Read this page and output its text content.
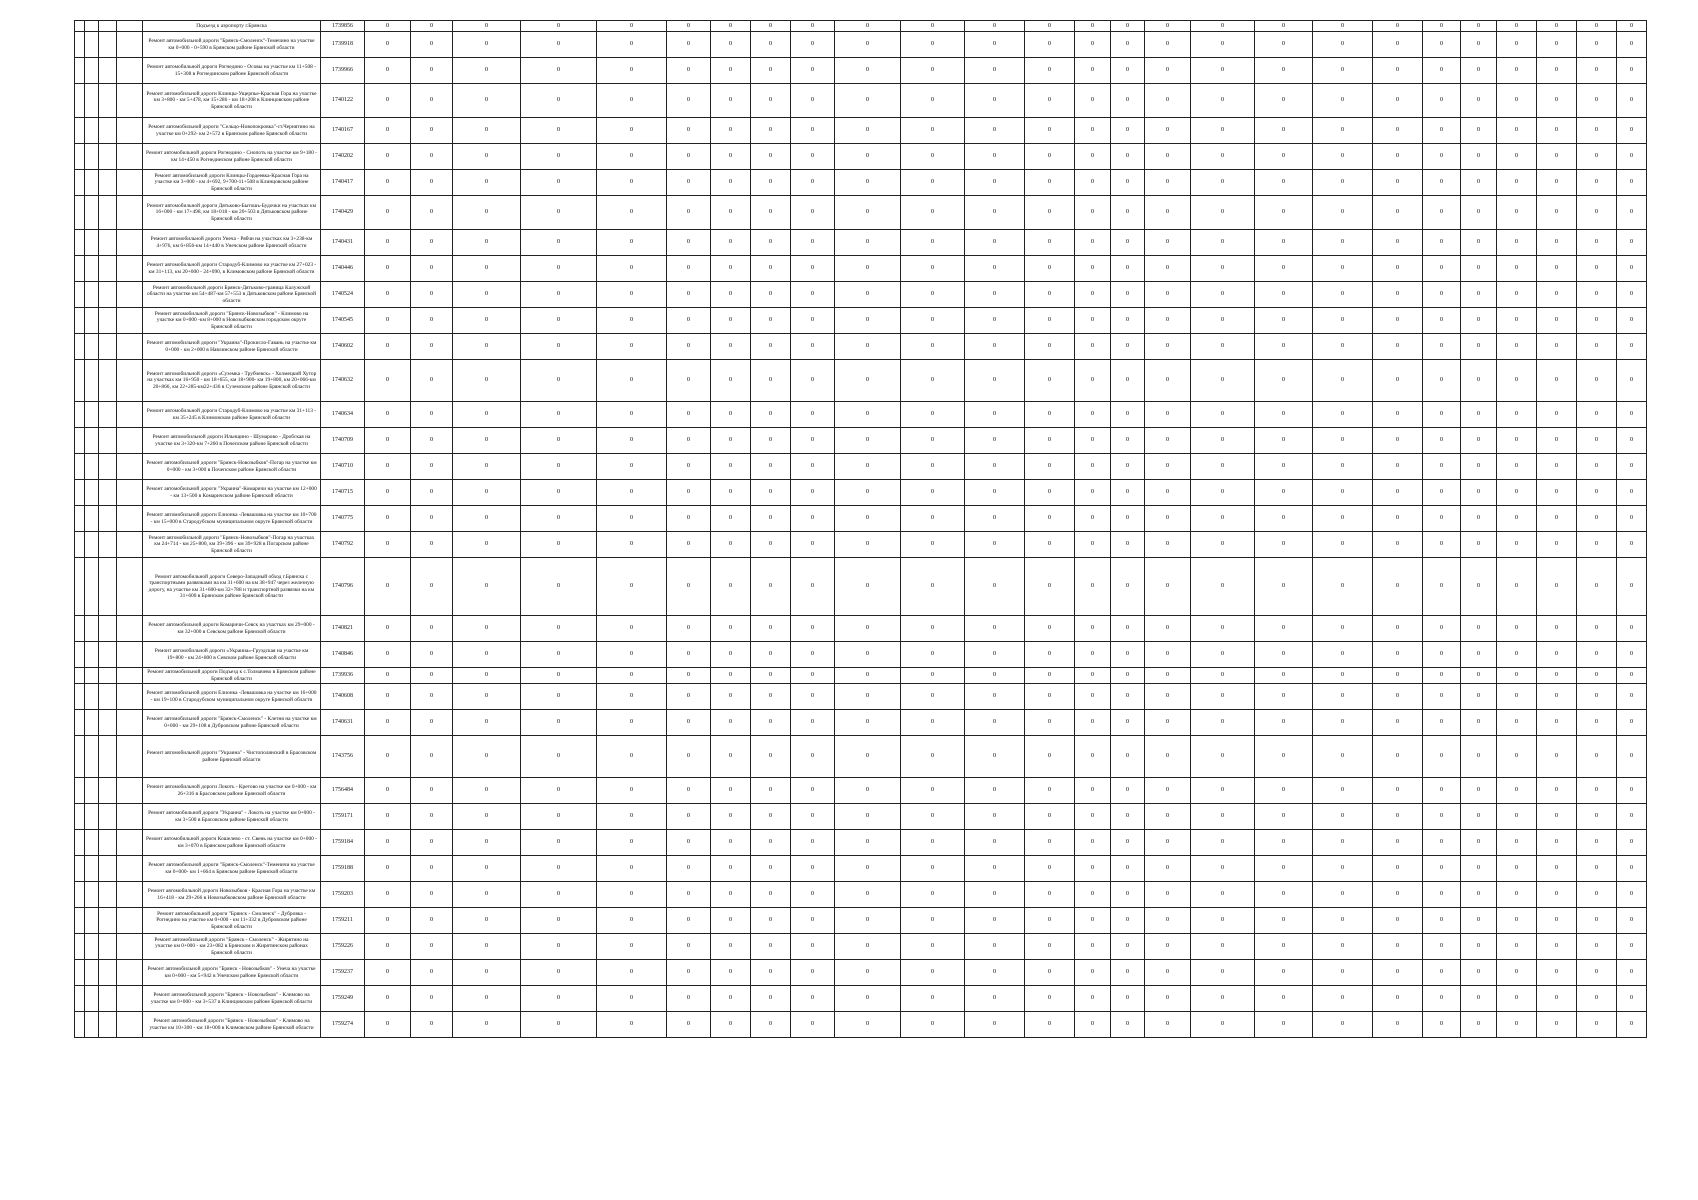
				Подъезд к аэропорту г.Брянска	1739856	0	0	0	0	0	0	0	0	0	0	0	0	0	0	0	0	0	0	0	0	0	0	0	0	0	0
				Ремонт автомобильной дороги "Брянск-Смоленск"-Темечино на участке км 0+000 - 0+590 в Брянском районе Брянской области	1739918	0	0	0	0	0	0	0	0	0	0	0	0	0	0	0	0	0	0	0	0	0	0	0	0	0	0
				Ремонт автомобильной дороги Рогнедино - Осовы на участке км 11+508 - 15+308 в Рогнединском районе Брянской области	1739966	0	0	0	0	0	0	0	0	0	0	0	0	0	0	0	0	0	0	0	0	0	0	0	0	0	0
				Ремонт автомобильной дороги Клинцы-Ущерпье-Красная Гора на участке км 3+800 - км 5+478, км 15+286 - км 18+208 в Клинцовском районе Брянской области	1740122	0	0	0	0	0	0	0	0	0	0	0	0	0	0	0	0	0	0	0	0	0	0	0	0	0	0
				Ремонт автомобильной дороги "Сельцо-Новопокровка"-ст.Чернятино на участке км 0+292- км 2+572 в Брянском районе Брянской области	1740167	0	0	0	0	0	0	0	0	0	0	0	0	0	0	0	0	0	0	0	0	0	0	0	0	0	0
				Ремонт автомобильной дороги Рогнедино - Снопоть на участке км 9+180 - км 14+450 в Рогнединском районе Брянской области	1740202	0	0	0	0	0	0	0	0	0	0	0	0	0	0	0	0	0	0	0	0	0	0	0	0	0	0
				Ремонт автомобильной дороги Клинцы-Гордеевка-Красная Гора на участке км 3+000 - км 4+692, 9+700-11+508 в Клинцовском районе Брянской области	1740417	0	0	0	0	0	0	0	0	0	0	0	0	0	0	0	0	0	0	0	0	0	0	0	0	0	0
				Ремонт автомобильной дороги Дятьково-Бытошь-Будочки на участках км 16+000 - км 17+498, км 18+018 - км 20+503 в Дятьковском районе Брянской области	1740429	0	0	0	0	0	0	0	0	0	0	0	0	0	0	0	0	0	0	0	0	0	0	0	0	0	0
				Ремонт автомобильной дороги Унеча - Рябчи на участках км 3+238-км 4+976, км 6+856-км 14+440 в Унечском районе Брянской области	1740431	0	0	0	0	0	0	0	0	0	0	0	0	0	0	0	0	0	0	0	0	0	0	0	0	0	0
				Ремонт автомобильной дороги Стародуб-Климово на участке км 27+023 - км 31+113, км 20+000 - 24+090, в Климовском районе Брянской области	1740446	0	0	0	0	0	0	0	0	0	0	0	0	0	0	0	0	0	0	0	0	0	0	0	0	0	0
				Ремонт автомобильной дороги Брянск-Дятьково-граница Калужской области на участке км 54+487-км 57+553 в Дятьковском районе Брянской области	1740524	0	0	0	0	0	0	0	0	0	0	0	0	0	0	0	0	0	0	0	0	0	0	0	0	0	0
				Ремонт автомобильной дороги "Брянск-Новозыбков" - Климово на участке км 0+000 -км 8+000 в Новозыбковском городском округе Брянской области	1740545	0	0	0	0	0	0	0	0	0	0	0	0	0	0	0	0	0	0	0	0	0	0	0	0	0	0
				Ремонт автомобильной дороги "Украина"-Прокисло-Гавань на участке км 0+000 - км 2+000 в Навлинском районе Брянской области	1740602	0	0	0	0	0	0	0	0	0	0	0	0	0	0	0	0	0	0	0	0	0	0	0	0	0	0
				Ремонт автомобильной дороги «Суземка - Трубчевск» - Холмецкий Хутор на участках км 16+950 - км 18+655, км 18+900- км 19+800, км 20+066-км 20+866, км 22+285-км22+436 в Суземском районе Брянской области	1740632	0	0	0	0	0	0	0	0	0	0	0	0	0	0	0	0	0	0	0	0	0	0	0	0	0	0
				Ремонт автомобильной дороги Стародуб-Климово на участке км 31+113 - км 35+245 в Климовском районе Брянской области	1740634	0	0	0	0	0	0	0	0	0	0	0	0	0	0	0	0	0	0	0	0	0	0	0	0	0	0
				Ремонт автомобильной дороги Ильнщино - Шумарово - Дробская на участке км 3+320-км 7+260 в Почепском районе Брянской области	1740709	0	0	0	0	0	0	0	0	0	0	0	0	0	0	0	0	0	0	0	0	0	0	0	0	0	0
				Ремонт автомобильной дороги "Брянск-Новозыбков"-Погар на участке км 0+000 - км 3+000 в Почепском районе Брянской области	1740710	0	0	0	0	0	0	0	0	0	0	0	0	0	0	0	0	0	0	0	0	0	0	0	0	0	0
				Ремонт автомобильной дороги "Украина"-Комаричи на участке км 12+000 - км 13+500 в Комаричском районе Брянской области	1740715	0	0	0	0	0	0	0	0	0	0	0	0	0	0	0	0	0	0	0	0	0	0	0	0	0	0
				Ремонт автомобильной дороги Елионка -Левашовка на участке км 10+700 - км 15+000 в Стародубском муниципальном округе Брянской области	1740775	0	0	0	0	0	0	0	0	0	0	0	0	0	0	0	0	0	0	0	0	0	0	0	0	0	0
				Ремонт автомобильной дороги "Брянск-Новозыбков"-Погар на участках км 24+714 - км 25+800, км 39+396 - км 39+928 в Погарском районе Брянской области	1740792	0	0	0	0	0	0	0	0	0	0	0	0	0	0	0	0	0	0	0	0	0	0	0	0	0	0
				Ремонт автомобильной дороги Северо-Западный обход г.Брянска с транспортными развязками на км 31+600 на км 38+947 через железную дорогу, на участке км 31+600-км 32+788 и транспортной развязки на км 31+600 в Брянском районе Брянской области	1740796	0	0	0	0	0	0	0	0	0	0	0	0	0	0	0	0	0	0	0	0	0	0	0	0	0	0
				Ремонт автомобильной дороги Комаричи-Севск на участках км 29+000 - км 32+000 в Севском районе Брянской области	1740821	0	0	0	0	0	0	0	0	0	0	0	0	0	0	0	0	0	0	0	0	0	0	0	0	0	0
				Ремонт автомобильной дороги «Украина»-Груздская на участке км 19+800 - км 24+800 в Севском районе Брянской области	1740846	0	0	0	0	0	0	0	0	0	0	0	0	0	0	0	0	0	0	0	0	0	0	0	0	0	0
				Ремонт автомобильной дороги Подъезд к с.Толмачево в Брянском районе Брянской области	1739936	0	0	0	0	0	0	0	0	0	0	0	0	0	0	0	0	0	0	0	0	0	0	0	0	0	0
				Ремонт автомобильной дороги Елионка -Левашовка на участке км 16+000 - км 19+100 в Стародубском муниципальном округе Брянской области	1740608	0	0	0	0	0	0	0	0	0	0	0	0	0	0	0	0	0	0	0	0	0	0	0	0	0	0
				Ремонт автомобильной дороги "Брянск-Смоленск" - Клетня на участке км 0+000 - км 29+108 в Дубровском районе Брянской области	1740631	0	0	0	0	0	0	0	0	0	0	0	0	0	0	0	0	0	0	0	0	0	0	0	0	0	0
				Ремонт автомобильной дороги "Украина" - Чистополянский в Брасовском районе Брянской области	1743756	0	0	0	0	0	0	0	0	0	0	0	0	0	0	0	0	0	0	0	0	0	0	0	0	0	0
				Ремонт автомобильной дороги Локоть - Кретово на участке км 0+000 - км 26+316 в Брасовском районе Брянской области	1756484	0	0	0	0	0	0	0	0	0	0	0	0	0	0	0	0	0	0	0	0	0	0	0	0	0	0
				Ремонт автомобильной дороги "Украина" - Локоть на участке км 0+000 - км 3+500 в Брасовском районе Брянской области	1759171	0	0	0	0	0	0	0	0	0	0	0	0	0	0	0	0	0	0	0	0	0	0	0	0	0	0
				Ремонт автомобильной дороги Кошелево - ст. Свень на участке км 0+000 - км 3+070 в Брянском районе Брянской области	1759184	0	0	0	0	0	0	0	0	0	0	0	0	0	0	0	0	0	0	0	0	0	0	0	0	0	0
				Ремонт автомобильной дороги "Брянск-Смоленск"-Теменичи на участке км 0+000- км 1+664 в Брянском районе Брянской области	1759188	0	0	0	0	0	0	0	0	0	0	0	0	0	0	0	0	0	0	0	0	0	0	0	0	0	0
				Ремонт автомобильной дороги Новозыбков - Красная Гора на участке км 16+418 - км 29+266 в Новозыбковском районе Брянской области	1759203	0	0	0	0	0	0	0	0	0	0	0	0	0	0	0	0	0	0	0	0	0	0	0	0	0	0
				Ремонт автомобильной дороги "Брянск - Смоленск" - Дубровка - Рогнедино на участке км 0+000 - км 11+332 в Дубровском районе Брянской области	1759211	0	0	0	0	0	0	0	0	0	0	0	0	0	0	0	0	0	0	0	0	0	0	0	0	0	0
				Ремонт автомобильной дороги "Брянск - Смоленск" - Жирятино на участке км 0+000 - км 23+082 в Брянском и Жирятинском районах Брянской области	1759226	0	0	0	0	0	0	0	0	0	0	0	0	0	0	0	0	0	0	0	0	0	0	0	0	0	0
				Ремонт автомобильной дороги "Брянск - Новозыбков" - Унеча на участке км 0+000 - км 5+942 в Унечском районе Брянской области	1759237	0	0	0	0	0	0	0	0	0	0	0	0	0	0	0	0	0	0	0	0	0	0	0	0	0	0
				Ремонт автомобильной дороги "Брянск - Новозыбков" - Климово на участке км 0+000 - км 3+537 в Клинцовском районе Брянской области	1759249	0	0	0	0	0	0	0	0	0	0	0	0	0	0	0	0	0	0	0	0	0	0	0	0	0	0
				Ремонт автомобильной дороги "Брянск - Новозыбков" - Климово на участке км 10+300 - км 18+000 в Климовском районе Брянской области	1759274	0	0	0	0	0	0	0	0	0	0	0	0	0	0	0	0	0	0	0	0	0	0	0	0	0	0
